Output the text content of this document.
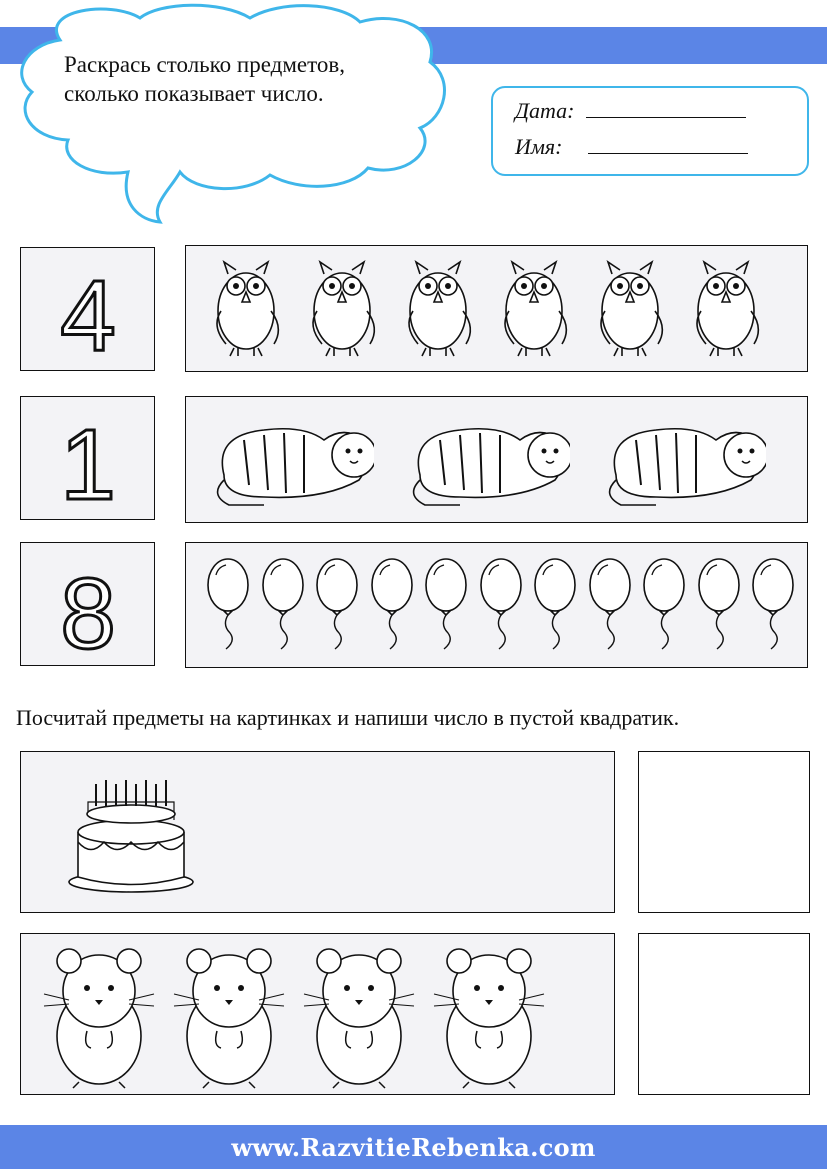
Раскрась столько предметов,
сколько показывает число.
Дата:
Имя:
4
1
8
Посчитай предметы на картинках и напиши число в пустой квадратик.
www.RazvitieRebenka.com
